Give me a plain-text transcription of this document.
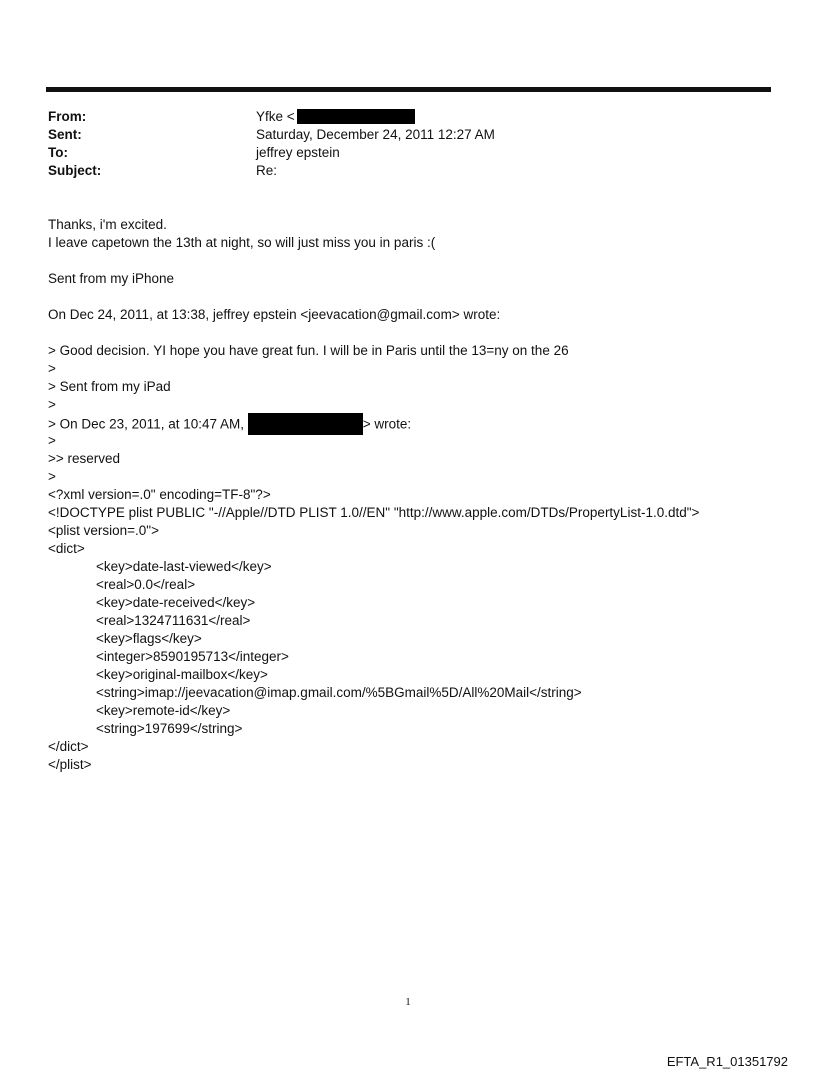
From:	Yfke <
Sent:	Saturday, December 24, 2011 12:27 AM
To:	jeffrey epstein
Subject:	Re:
Thanks, i'm excited.
I leave capetown the 13th at night, so will just miss you in paris :(
Sent from my iPhone
On Dec 24, 2011, at 13:38, jeffrey epstein <jeevacation@gmail.com> wrote:
> Good decision. YI hope you have great fun. I will be in Paris until the 13=ny on the 26
>
> Sent from my iPad
>
> On Dec 23, 2011, at 10:47 AM,	> wrote:
>
>> reserved
>
<?xml version=.0" encoding=TF-8"?>
<!DOCTYPE plist PUBLIC "-//Apple//DTD PLIST 1.0//EN" "http://www.apple.com/DTDs/PropertyList-1.0.dtd">
<plist version=.0">
<dict>
<key>date-last-viewed</key>
<real>0.0</real>
<key>date-received</key>
<real>1324711631</real>
<key>flags</key>
<integer>8590195713</integer>
<key>original-mailbox</key>
<string>imap://jeevacation@imap.gmail.com/%5BGmail%5D/All%20Mail</string>
<key>remote-id</key>
<string>197699</string>
</dict>
</plist>
1
EFTA_R1_01351792
